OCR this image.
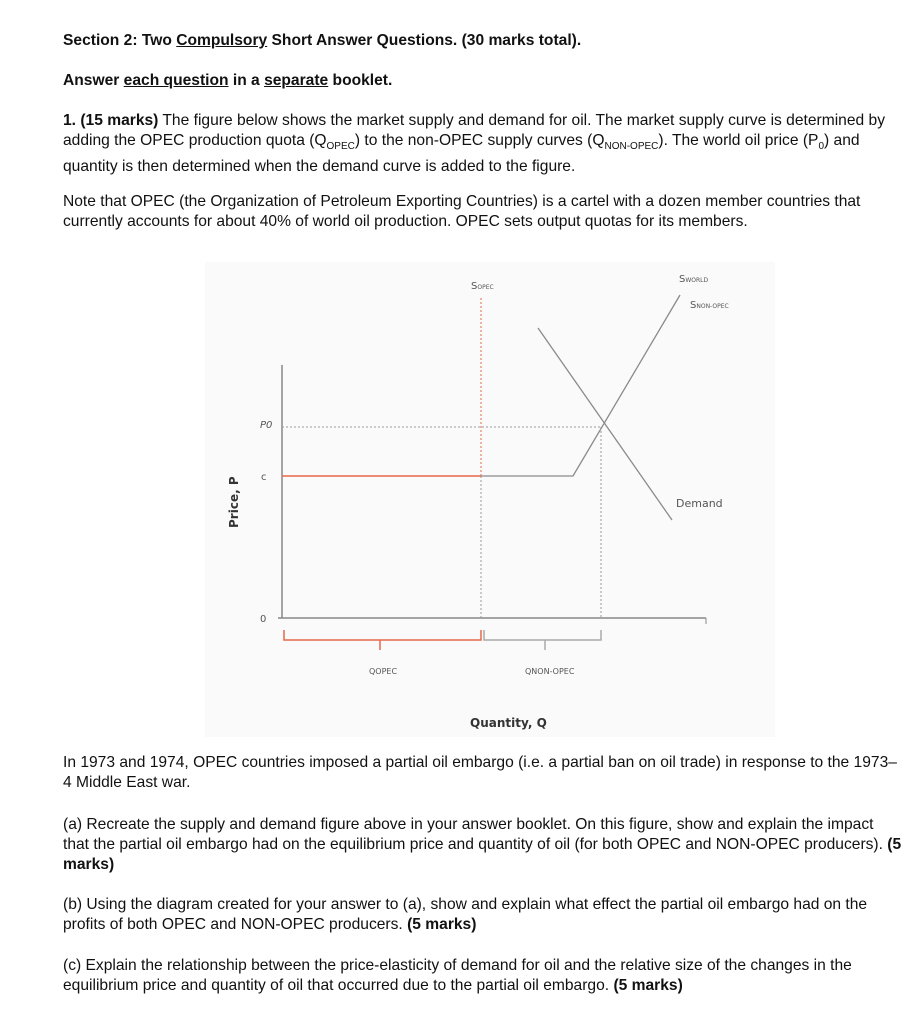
Section 2: Two Compulsory Short Answer Questions. (30 marks total).

Answer each question in a separate booklet.

1. (15 marks) The figure below shows the market supply and demand for oil. The market supply curve is determined by adding the OPEC production quota $(Q_{OPEC})$ to the non-OPEC supply curves $(Q_{NON-OPEC})$. The world oil price $(P_0)$ and quantity is then determined when the demand curve is added to the figure.

Note that OPEC (the Organization of Petroleum Exporting Countries) is a cartel with a dozen member countries that currently accounts for about 40% of world oil production. OPEC sets output quotas for its members.

P0
c
0
QOPEC	QNON-OPEC
SOPEC
SWORLD
SNON-OPEC
Demand
Quantity, Q
Price, P

In 1973 and 1974, OPEC countries imposed a partial oil embargo (i.e. a partial ban on oil trade) in response to the 1973–4 Middle East war.

(a) Recreate the supply and demand figure above in your answer booklet. On this figure, show and explain the impact that the partial oil embargo had on the equilibrium price and quantity of oil (for both OPEC and NON-OPEC producers). (5 marks)

(b) Using the diagram created for your answer to (a), show and explain what effect the partial oil embargo had on the profits of both OPEC and NON-OPEC producers. (5 marks)

(c) Explain the relationship between the price-elasticity of demand for oil and the relative size of the changes in the equilibrium price and quantity of oil that occurred due to the partial oil embargo. (5 marks)
